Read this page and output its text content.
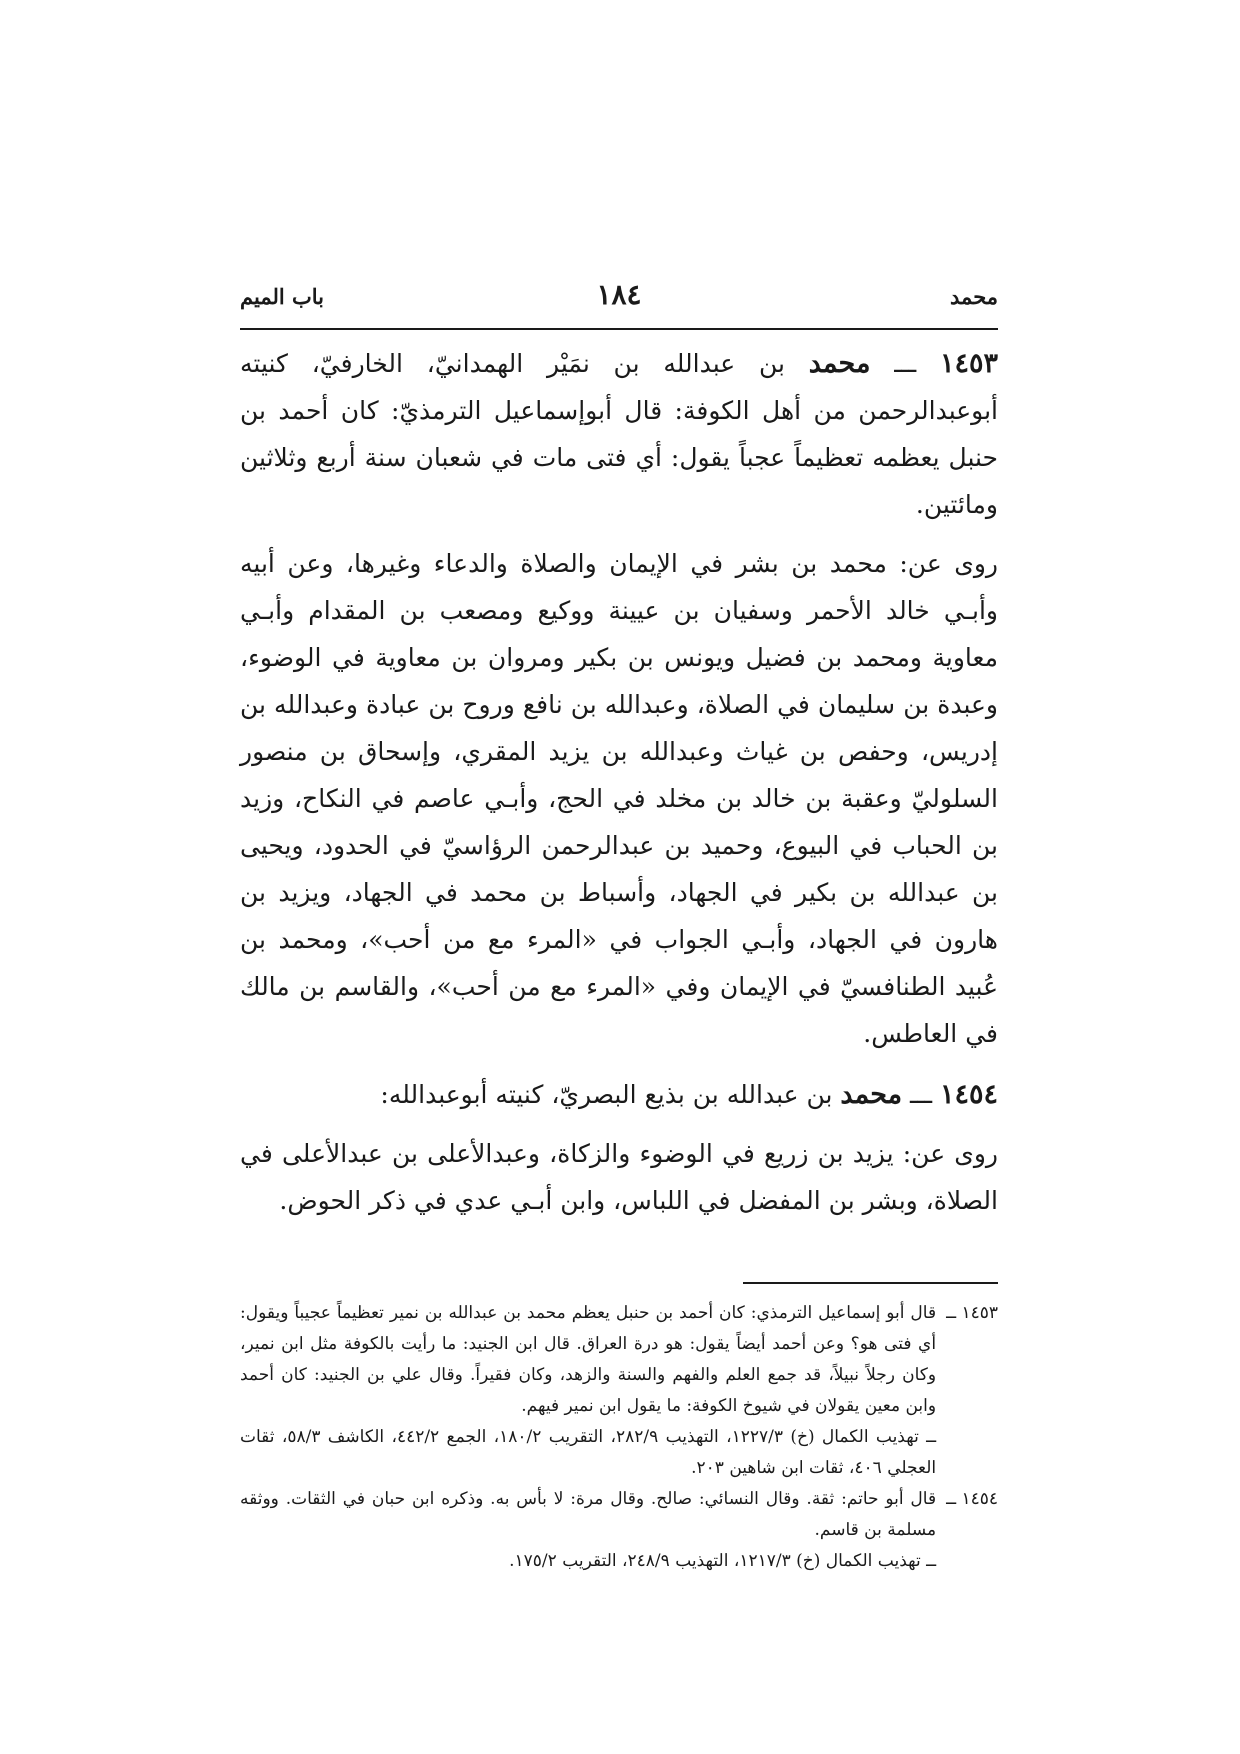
محمد
١٨٤
باب الميم

١٤٥٣ ـــ محمد بن عبدالله بن نمَيْر الهمدانيّ، الخارفيّ، كنيته أبوعبدالرحمن من أهل الكوفة: قال أبوإسماعيل الترمذيّ: كان أحمد بن حنبل يعظمه تعظيماً عجباً يقول: أي فتى مات في شعبان سنة أربع وثلاثين ومائتين.

روى عن: محمد بن بشر في الإيمان والصلاة والدعاء وغيرها، وعن أبيه وأبـي خالد الأحمر وسفيان بن عيينة ووكيع ومصعب بن المقدام وأبـي معاوية ومحمد بن فضيل ويونس بن بكير ومروان بن معاوية في الوضوء، وعبدة بن سليمان في الصلاة، وعبدالله بن نافع وروح بن عبادة وعبدالله بن إدريس، وحفص بن غياث وعبدالله بن يزيد المقري، وإسحاق بن منصور السلوليّ وعقبة بن خالد بن مخلد في الحج، وأبـي عاصم في النكاح، وزيد بن الحباب في البيوع، وحميد بن عبدالرحمن الرؤاسيّ في الحدود، ويحيى بن عبدالله بن بكير في الجهاد، وأسباط بن محمد في الجهاد، ويزيد بن هارون في الجهاد، وأبـي الجواب في «المرء مع من أحب»، ومحمد بن عُبيد الطنافسيّ في الإيمان وفي «المرء مع من أحب»، والقاسم بن مالك في العاطس.

١٤٥٤ ـــ محمد بن عبدالله بن بذيع البصريّ، كنيته أبوعبدالله:

روى عن: يزيد بن زريع في الوضوء والزكاة، وعبدالأعلى بن عبدالأعلى في الصلاة، وبشر بن المفضل في اللباس، وابن أبـي عدي في ذكر الحوض.

١٤٥٣ ــ

قال أبو إسماعيل الترمذي: كان أحمد بن حنبل يعظم محمد بن عبدالله بن نمير تعظيماً عجيباً ويقول: أي فتى هو؟ وعن أحمد أيضاً يقول: هو درة العراق. قال ابن الجنيد: ما رأيت بالكوفة مثل ابن نمير، وكان رجلاً نبيلاً، قد جمع العلم والفهم والسنة والزهد، وكان فقيراً. وقال علي بن الجنيد: كان أحمد وابن معين يقولان في شيوخ الكوفة: ما يقول ابن نمير فيهم.

ــ تهذيب الكمال (خ) ١٢٢٧/٣، التهذيب ٢٨٢/٩، التقريب ١٨٠/٢، الجمع ٤٤٢/٢، الكاشف ٥٨/٣، ثقات العجلي ٤٠٦، ثقات ابن شاهين ٢٠٣.

١٤٥٤ ــ

قال أبو حاتم: ثقة. وقال النسائي: صالح. وقال مرة: لا بأس به. وذكره ابن حبان في الثقات. ووثقه مسلمة بن قاسم.

ــ تهذيب الكمال (خ) ١٢١٧/٣، التهذيب ٢٤٨/٩، التقريب ١٧٥/٢.
